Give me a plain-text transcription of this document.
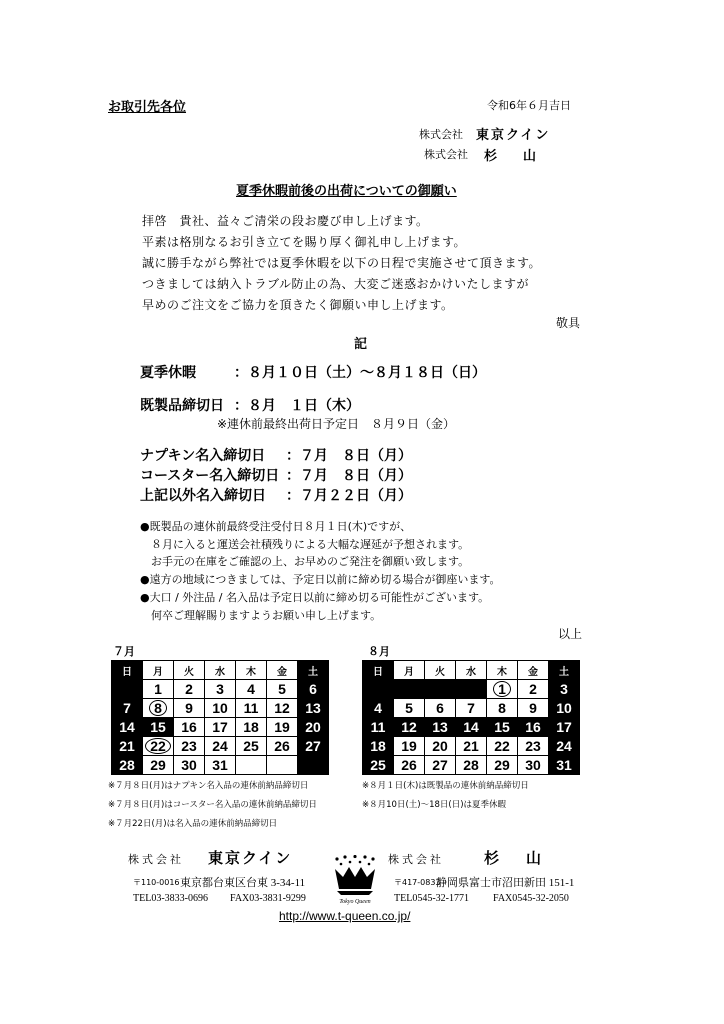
お取引先各位	令和6年６月吉日
株式会社 東京クイン
株式会社 杉　　山
夏季休暇前後の出荷についての御願い
拝啓　貴社、益々ご清栄の段お慶び申し上げます。
平素は格別なるお引き立てを賜り厚く御礼申し上げます。
誠に勝手ながら弊社では夏季休暇を以下の日程で実施させて頂きます。
つきましては納入トラブル防止の為、大変ご迷惑おかけいたしますが
早めのご注文をご協力を頂きたく御願い申し上げます。
敬具
記
夏季休暇	：８月１０日（土）～８月１８日（日）
既製品締切日 ：８月　１日（木）
※連休前最終出荷日予定日　８月９日（金）
ナプキン名入締切日 ：７月　８日（月）
コースター名入締切日 ：７月　８日（月）
上記以外名入締切日 ：７月２２日（月）
●既製品の連休前最終受注受付日８月１日(木)ですが、
　８月に入ると運送会社積残りによる大幅な遅延が予想されます。
　お手元の在庫をご確認の上、お早めのご発注を御願い致します。
●遠方の地域につきましては、予定日以前に締め切る場合が御座います。
●大口 / 外注品 / 名入品は予定日以前に締め切る可能性がございます。
　何卒ご理解賜りますようお願い申し上げます。
以上
７月
日	月	火	水	木	金	土
	1	2	3	4	5	6
7	8	9	10	11	12	13
14	15	16	17	18	19	20
21	22	23	24	25	26	27
28	29	30	31			
※７月８日(月)はナプキン名入品の連休前納品締切日
※７月８日(月)はコースター名入品の連休前納品締切日
※７月22日(月)は名入品の連休前納品締切日
８月
日	月	火	水	木	金	土
				1	2	3
4	5	6	7	8	9	10
11	12	13	14	15	16	17
18	19	20	21	22	23	24
25	26	27	28	29	30	31
※８月１日(木)は既製品の連休前納品締切日
※８月10日(土)～18日(日)は夏季休暇
株式会社 東京クイン
〒110-0016 東京都台東区台東 3-34-11
TEL03-3833-0696 FAX03-3831-9299	Tokyo Queen
株式会社	杉　山
〒417-0833
静岡県富士市沼田新田 151-1
TEL0545-32-1771 FAX0545-32-2050
http://www.t-queen.co.jp/
